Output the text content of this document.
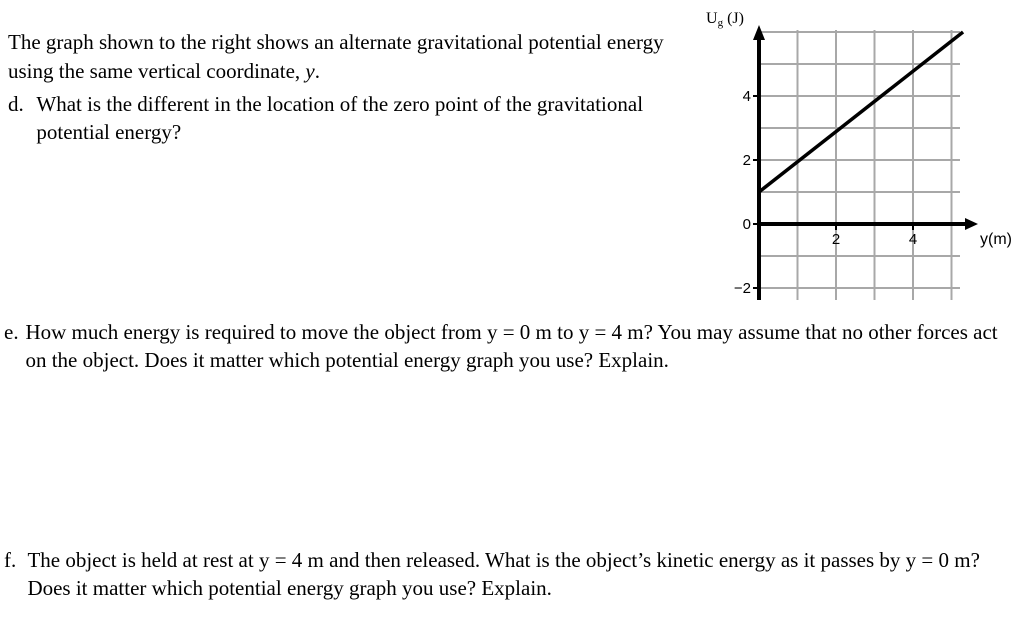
The graph shown to the right shows an alternate gravitational potential energy using the same vertical coordinate, y.

d. What is the different in the location of the zero point of the gravitational potential energy?
2	4
4
2
0
−2
y(m)
Ug (J)
e. How much energy is required to move the object from y = 0 m to y = 4 m? You may assume that no other forces act on the object. Does it matter which potential energy graph you use? Explain.
f. The object is held at rest at y = 4 m and then released. What is the object’s kinetic energy as it passes by y = 0 m? Does it matter which potential energy graph you use? Explain.
